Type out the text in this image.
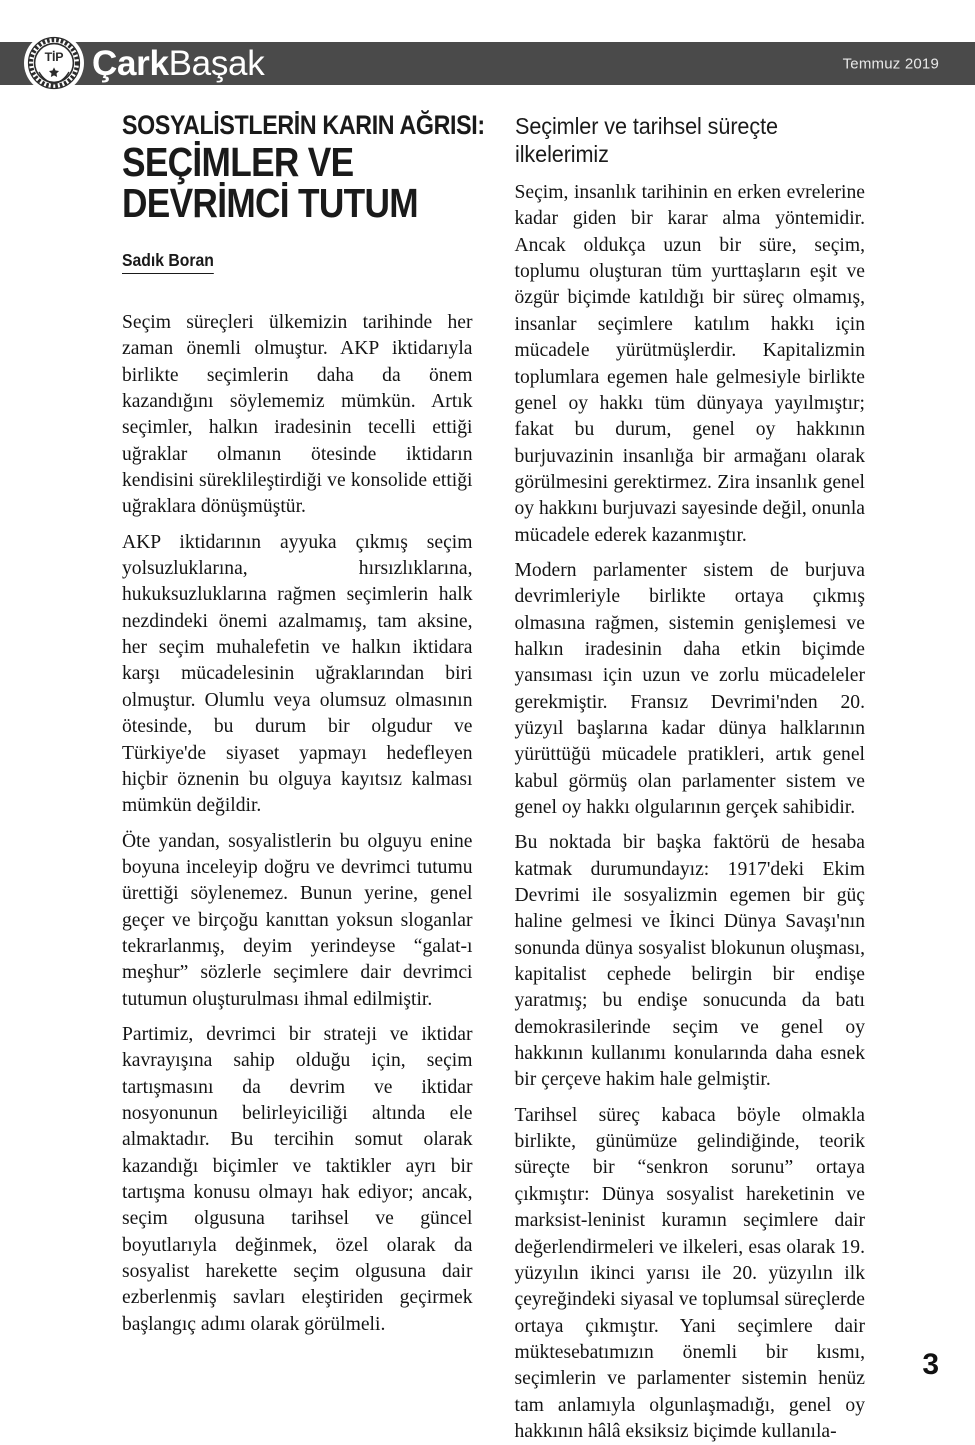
TİP ÇarkBaşak	Temmuz 2019
SOSYALİSTLERİN KARIN AĞRISI:
SEÇİMLER VE DEVRİMCİ TUTUM
Sadık Boran

Seçim süreçleri ülkemizin tarihinde her zaman önemli olmuştur. AKP iktidarıyla birlikte seçimlerin daha da önem kazandığını söylememiz mümkün. Artık seçimler, halkın iradesinin tecelli ettiği uğraklar olmanın ötesinde iktidarın kendisini süreklileştirdiği ve konsolide ettiği uğraklara dönüşmüştür.

AKP iktidarının ayyuka çıkmış seçim yolsuzluklarına, hırsızlıklarına, hukuksuzluklarına rağmen seçimlerin halk nezdindeki önemi azalmamış, tam aksine, her seçim muhalefetin ve halkın iktidara karşı mücadelesinin uğraklarından biri olmuştur. Olumlu veya olumsuz olmasının ötesinde, bu durum bir olgudur ve Türkiye'de siyaset yapmayı hedefleyen hiçbir öznenin bu olguya kayıtsız kalması mümkün değildir.

Öte yandan, sosyalistlerin bu olguyu enine boyuna inceleyip doğru ve devrimci tutumu ürettiği söylenemez. Bunun yerine, genel geçer ve birçoğu kanıttan yoksun sloganlar tekrarlanmış, deyim yerindeyse “galat-ı meşhur” sözlerle seçimlere dair devrimci tutumun oluşturulması ihmal edilmiştir.

Partimiz, devrimci bir strateji ve iktidar kavrayışına sahip olduğu için, seçim tartışmasını da devrim ve iktidar nosyonunun belirleyiciliği altında ele almaktadır. Bu tercihin somut olarak kazandığı biçimler ve taktikler ayrı bir tartışma konusu olmayı hak ediyor; ancak, seçim olgusuna tarihsel ve güncel boyutlarıyla değinmek, özel olarak da sosyalist harekette seçim olgusuna dair ezberlenmiş savları eleştiriden geçirmek başlangıç adımı olarak görülmeli.

Seçimler ve tarihsel süreçte ilkelerimiz

Seçim, insanlık tarihinin en erken evrelerine kadar giden bir karar alma yöntemidir. Ancak oldukça uzun bir süre, seçim, toplumu oluşturan tüm yurttaşların eşit ve özgür biçimde katıldığı bir süreç olmamış, insanlar seçimlere katılım hakkı için mücadele yürütmüşlerdir. Kapitalizmin toplumlara egemen hale gelmesiyle birlikte genel oy hakkı tüm dünyaya yayılmıştır; fakat bu durum, genel oy hakkının burjuvazinin insanlığa bir armağanı olarak görülmesini gerektirmez. Zira insanlık genel oy hakkını burjuvazi sayesinde değil, onunla mücadele ederek kazanmıştır.

Modern parlamenter sistem de burjuva devrimleriyle birlikte ortaya çıkmış olmasına rağmen, sistemin genişlemesi ve halkın iradesinin daha etkin biçimde yansıması için uzun ve zorlu mücadeleler gerekmiştir. Fransız Devrimi'nden 20. yüzyıl başlarına kadar dünya halklarının yürüttüğü mücadele pratikleri, artık genel kabul görmüş olan parlamenter sistem ve genel oy hakkı olgularının gerçek sahibidir.

Bu noktada bir başka faktörü de hesaba katmak durumundayız: 1917'deki Ekim Devrimi ile sosyalizmin egemen bir güç haline gelmesi ve İkinci Dünya Savaşı'nın sonunda dünya sosyalist blokunun oluşması, kapitalist cephede belirgin bir endişe yaratmış; bu endişe sonucunda da batı demokrasilerinde seçim ve genel oy hakkının kullanımı konularında daha esnek bir çerçeve hakim hale gelmiştir.

Tarihsel süreç kabaca böyle olmakla birlikte, günümüze gelindiğinde, teorik süreçte bir “senkron sorunu” ortaya çıkmıştır: Dünya sosyalist hareketinin ve marksist-leninist kuramın seçimlere dair değerlendirmeleri ve ilkeleri, esas olarak 19. yüzyılın ikinci yarısı ile 20. yüzyılın ilk çeyreğindeki siyasal ve toplumsal süreçlerde ortaya çıkmıştır. Yani seçimlere dair müktesebatımızın önemli bir kısmı, seçimlerin ve parlamenter sistemin henüz tam anlamıyla olgunlaşmadığı, genel oy hakkının hâlâ eksiksiz biçimde kullanıla-

3
